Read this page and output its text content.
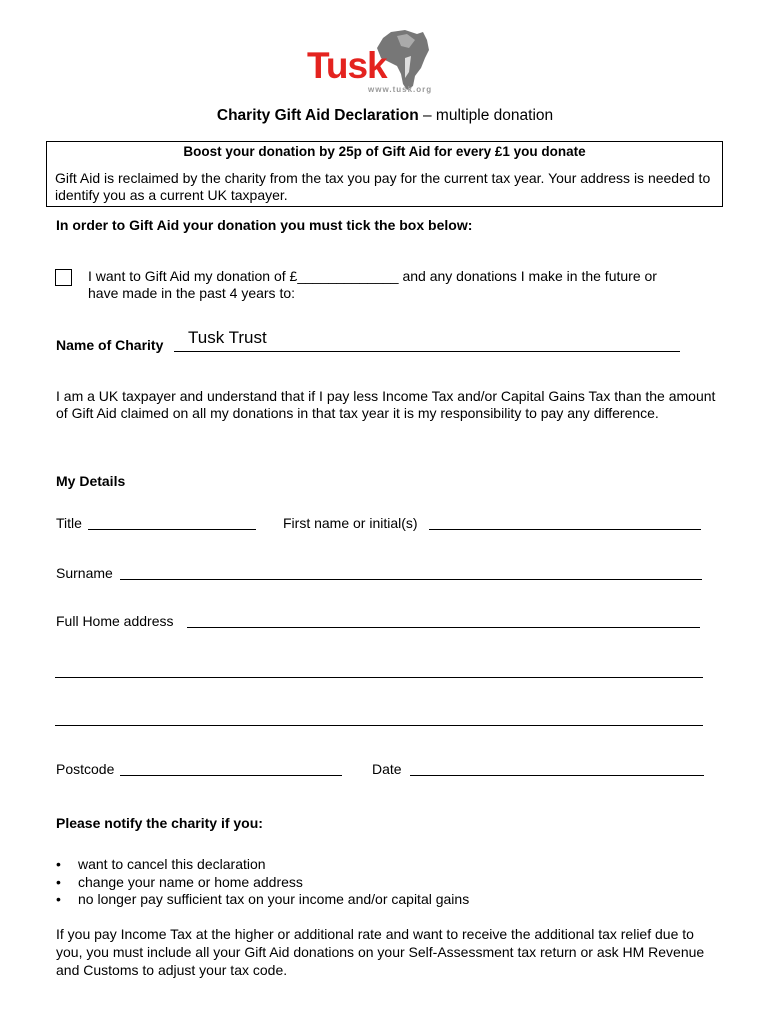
Tusk
www.tusk.org
Charity Gift Aid Declaration – multiple donation
Boost your donation by 25p of Gift Aid for every £1 you donate
Gift Aid is reclaimed by the charity from the tax you pay for the current tax year. Your address is needed to identify you as a current UK taxpayer.
In order to Gift Aid your donation you must tick the box below:
I want to Gift Aid my donation of £_____________ and any donations I make in the future or
have made in the past 4 years to:
Name of Charity Tusk Trust
I am a UK taxpayer and understand that if I pay less Income Tax and/or Capital Gains Tax than the amount of Gift Aid claimed on all my donations in that tax year it is my responsibility to pay any difference.
My Details
Title	First name or initial(s)
Surname
Full Home address
Postcode	Date
Please notify the charity if you:
• want to cancel this declaration
• change your name or home address
• no longer pay sufficient tax on your income and/or capital gains
If you pay Income Tax at the higher or additional rate and want to receive the additional tax relief due to you, you must include all your Gift Aid donations on your Self-Assessment tax return or ask HM Revenue and Customs to adjust your tax code.
